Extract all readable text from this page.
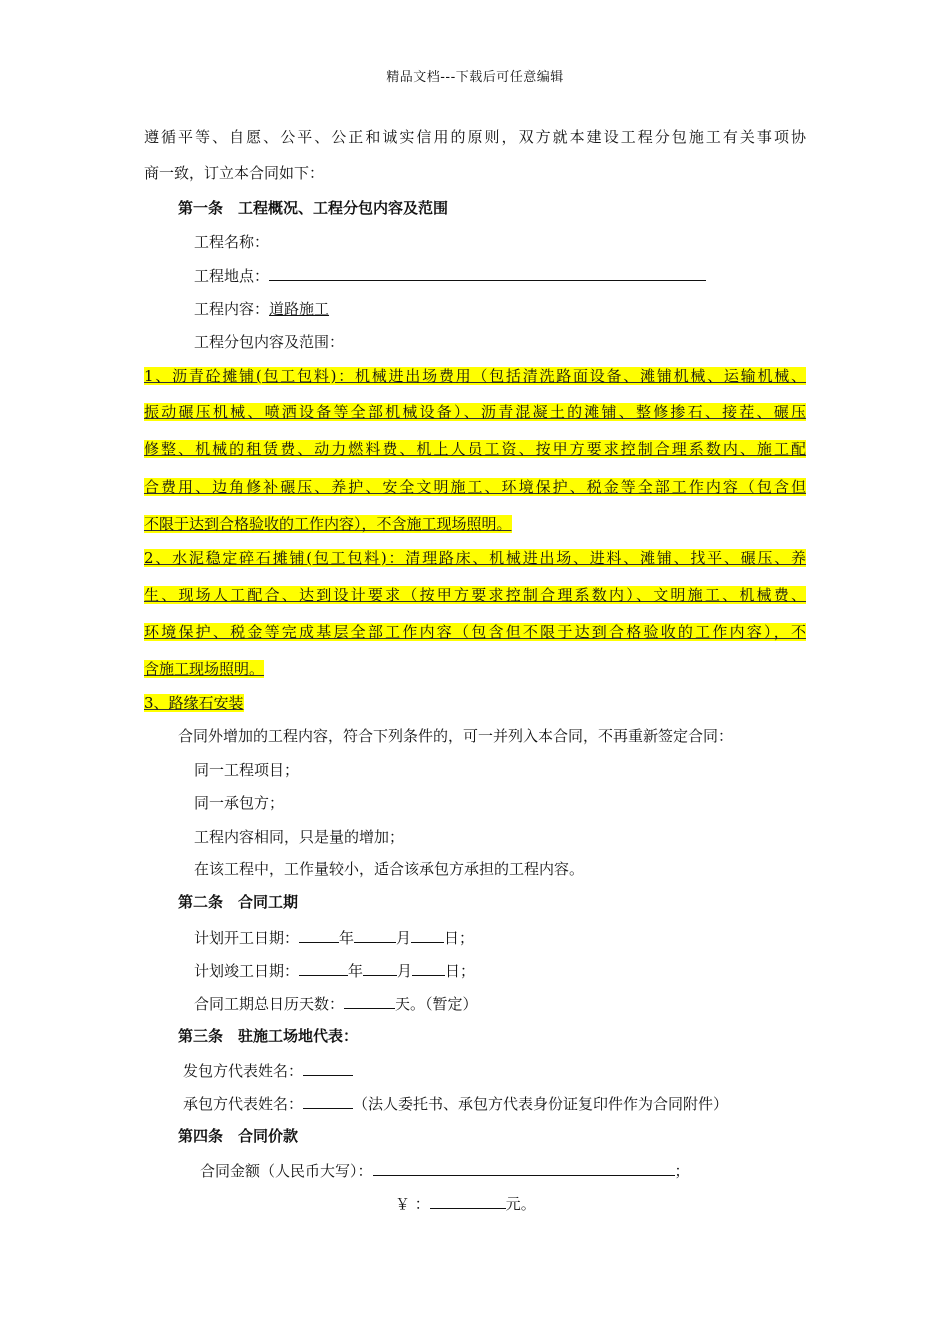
精品文档---下载后可任意编辑
遵循平等、自愿、公平、公正和诚实信用的原则，双方就本建设工程分包施工有关事项协
商一致，订立本合同如下：
第一条　工程概况、工程分包内容及范围
工程名称：
工程地点：
工程内容：道路施工
工程分包内容及范围：
1、沥青砼摊铺(包工包料)：机械进出场费用（包括清洗路面设备、滩铺机械、运输机械、
振动碾压机械、喷洒设备等全部机械设备）、沥青混凝土的滩铺、整修掺石、接茬、碾压
修整、机械的租赁费、动力燃料费、机上人员工资、按甲方要求控制合理系数内、施工配
合费用、边角修补碾压、养护、安全文明施工、环境保护、税金等全部工作内容（包含但
不限于达到合格验收的工作内容），不含施工现场照明。
2、水泥稳定碎石摊铺(包工包料)：清理路床、机械进出场、进料、滩铺、找平、碾压、养
生、现场人工配合、达到设计要求（按甲方要求控制合理系数内）、文明施工、机械费、
环境保护、税金等完成基层全部工作内容（包含但不限于达到合格验收的工作内容），不
含施工现场照明。
3、路缘石安装
合同外增加的工程内容，符合下列条件的，可一并列入本合同，不再重新签定合同：
同一工程项目；
同一承包方；
工程内容相同，只是量的增加；
在该工程中，工作量较小，适合该承包方承担的工程内容。
第二条　合同工期
计划开工日期：	年	月 日；
计划竣工日期：	年 月 日；
合同工期总日历天数：	天。（暂定）
第三条　驻施工场地代表：
发包方代表姓名：
承包方代表姓名：	（法人委托书、承包方代表身份证复印件作为合同附件）
第四条　合同价款
合同金额（人民币大写）：	；
￥ ：	元。
